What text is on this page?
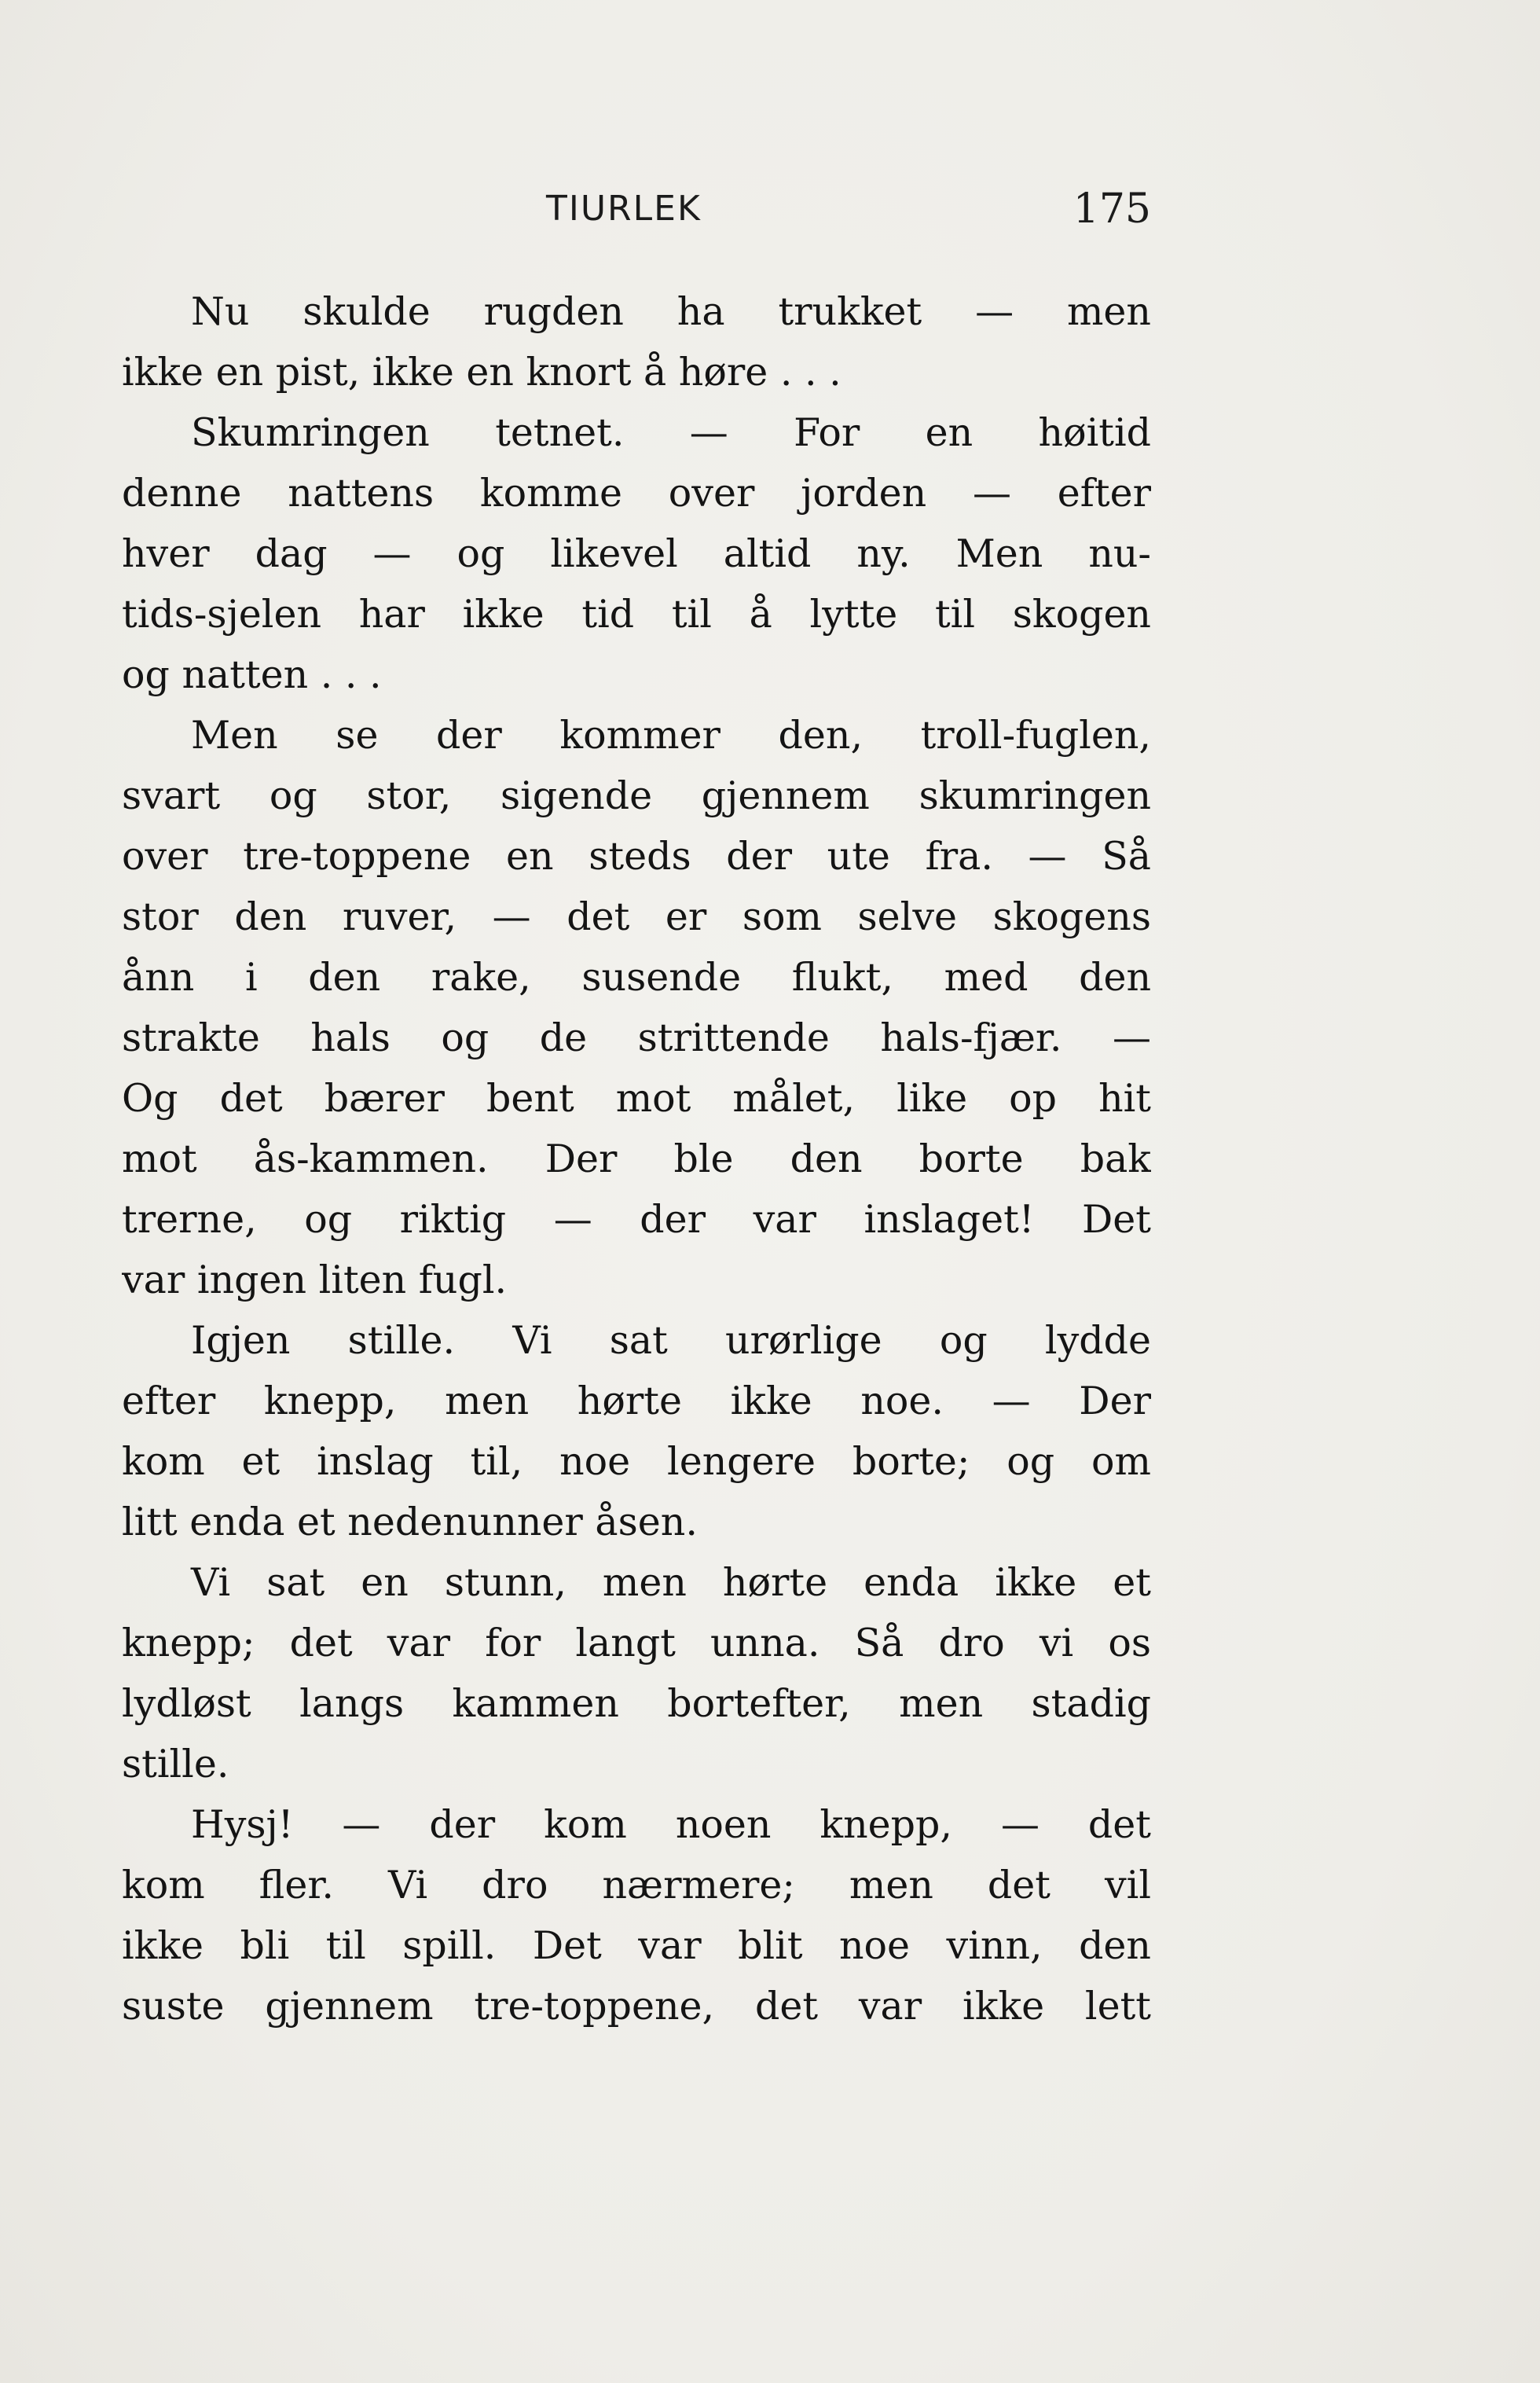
TIURLEK	175
Nu skulde rugden ha trukket — men
ikke en pist, ikke en knort å høre . . .
Skumringen tetnet. — For en høitid
denne nattens komme over jorden — efter
hver dag — og likevel altid ny. Men nu-
tids-sjelen har ikke tid til å lytte til skogen
og natten . . .
Men se der kommer den, troll-fuglen,
svart og stor, sigende gjennem skumringen
over tre-toppene en steds der ute fra. — Så
stor den ruver, — det er som selve skogens
ånn i den rake, susende flukt, med den
strakte hals og de strittende hals-fjær. —
Og det bærer bent mot målet, like op hit
mot ås-kammen. Der ble den borte bak
trerne, og riktig — der var inslaget! Det
var ingen liten fugl.
Igjen stille. Vi sat urørlige og lydde
efter knepp, men hørte ikke noe. — Der
kom et inslag til, noe lengere borte; og om
litt enda et nedenunner åsen.
Vi sat en stunn, men hørte enda ikke et
knepp; det var for langt unna. Så dro vi os
lydløst langs kammen bortefter, men stadig
stille.
Hysj! — der kom noen knepp, — det
kom fler. Vi dro nærmere; men det vil
ikke bli til spill. Det var blit noe vinn, den
suste gjennem tre-toppene, det var ikke lett
